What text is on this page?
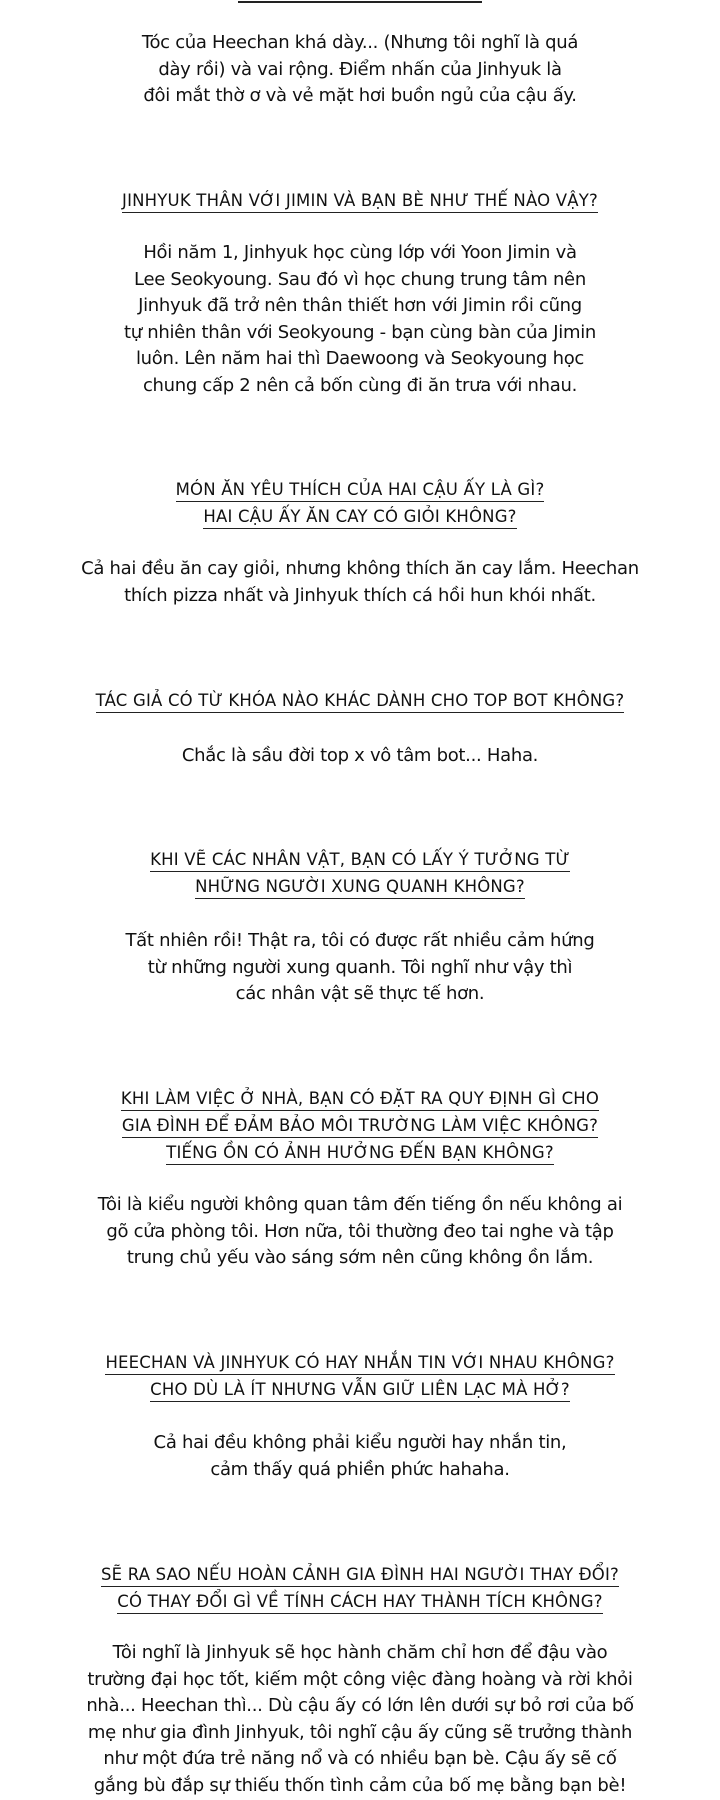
Tóc của Heechan khá dày... (Nhưng tôi nghĩ là quá
dày rồi) và vai rộng. Điểm nhấn của Jinhyuk là
đôi mắt thờ ơ và vẻ mặt hơi buồn ngủ của cậu ấy.
JINHYUK THÂN VỚI JIMIN VÀ BẠN BÈ NHƯ THẾ NÀO VẬY?
Hồi năm 1, Jinhyuk học cùng lớp với Yoon Jimin và
Lee Seokyoung. Sau đó vì học chung trung tâm nên
Jinhyuk đã trở nên thân thiết hơn với Jimin rồi cũng
tự nhiên thân với Seokyoung - bạn cùng bàn của Jimin
luôn. Lên năm hai thì Daewoong và Seokyoung học
chung cấp 2 nên cả bốn cùng đi ăn trưa với nhau.
MÓN ĂN YÊU THÍCH CỦA HAI CẬU ẤY LÀ GÌ?
HAI CẬU ẤY ĂN CAY CÓ GIỎI KHÔNG?
Cả hai đều ăn cay giỏi, nhưng không thích ăn cay lắm. Heechan
thích pizza nhất và Jinhyuk thích cá hồi hun khói nhất.
TÁC GIẢ CÓ TỪ KHÓA NÀO KHÁC DÀNH CHO TOP BOT KHÔNG?
Chắc là sầu đời top x vô tâm bot... Haha.
KHI VẼ CÁC NHÂN VẬT, BẠN CÓ LẤY Ý TƯỞNG TỪ
NHỮNG NGƯỜI XUNG QUANH KHÔNG?
Tất nhiên rồi! Thật ra, tôi có được rất nhiều cảm hứng
từ những người xung quanh. Tôi nghĩ như vậy thì
các nhân vật sẽ thực tế hơn.
KHI LÀM VIỆC Ở NHÀ, BẠN CÓ ĐẶT RA QUY ĐỊNH GÌ CHO
GIA ĐÌNH ĐỂ ĐẢM BẢO MÔI TRƯỜNG LÀM VIỆC KHÔNG?
TIẾNG ỒN CÓ ẢNH HƯỞNG ĐẾN BẠN KHÔNG?
Tôi là kiểu người không quan tâm đến tiếng ồn nếu không ai
gõ cửa phòng tôi. Hơn nữa, tôi thường đeo tai nghe và tập
trung chủ yếu vào sáng sớm nên cũng không ồn lắm.
HEECHAN VÀ JINHYUK CÓ HAY NHẮN TIN VỚI NHAU KHÔNG?
CHO DÙ LÀ ÍT NHƯNG VẪN GIỮ LIÊN LẠC MÀ HỞ?
Cả hai đều không phải kiểu người hay nhắn tin,
cảm thấy quá phiền phức hahaha.
SẼ RA SAO NẾU HOÀN CẢNH GIA ĐÌNH HAI NGƯỜI THAY ĐỔI?
CÓ THAY ĐỔI GÌ VỀ TÍNH CÁCH HAY THÀNH TÍCH KHÔNG?
Tôi nghĩ là Jinhyuk sẽ học hành chăm chỉ hơn để đậu vào
trường đại học tốt, kiếm một công việc đàng hoàng và rời khỏi
nhà... Heechan thì... Dù cậu ấy có lớn lên dưới sự bỏ rơi của bố
mẹ như gia đình Jinhyuk, tôi nghĩ cậu ấy cũng sẽ trưởng thành
như một đứa trẻ năng nổ và có nhiều bạn bè. Cậu ấy sẽ cố
gắng bù đắp sự thiếu thốn tình cảm của bố mẹ bằng bạn bè!
